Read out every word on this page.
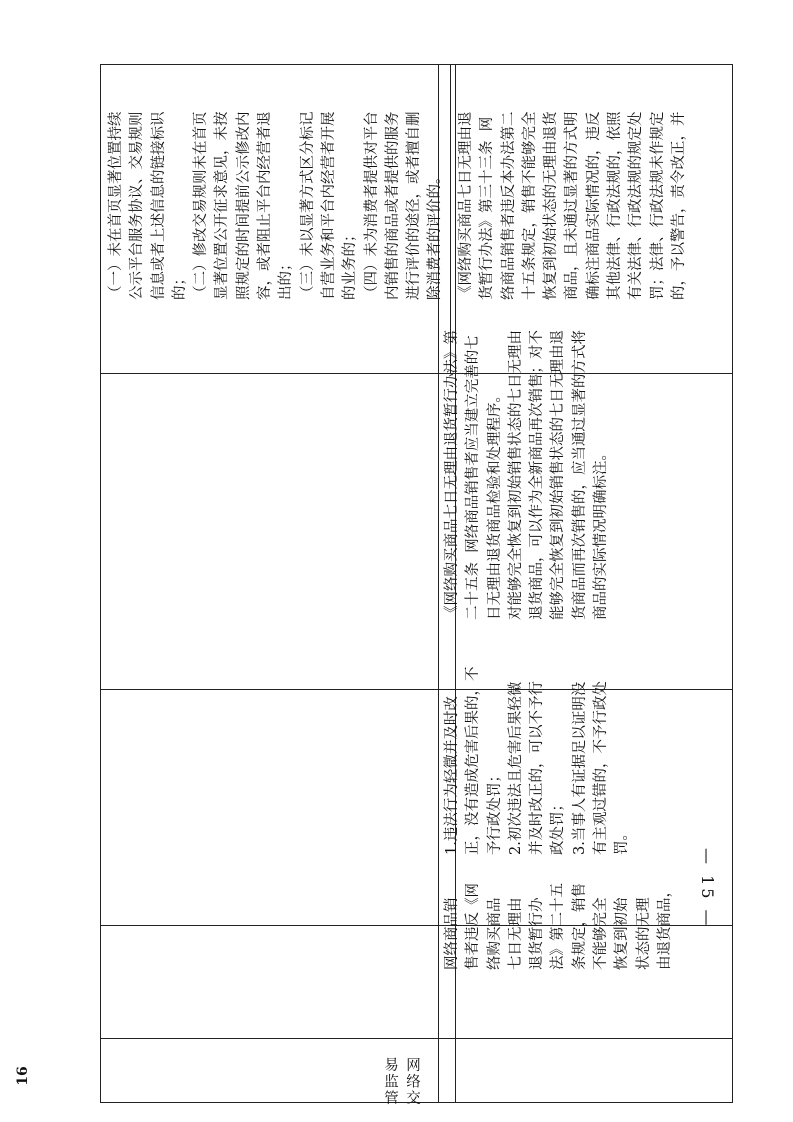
网络交易监管
16
网络商品销
售者违反《网
络购买商品
七日无理由
退货暂行办
法》第二十五
条规定，销售
不能够完全
恢复到初始
状态的无理
由退货商品，
1.违法行为轻微并及时改
正，没有造成危害后果的，不
予行政处罚；
2.初次违法且危害后果轻微
并及时改正的，可以不予行
政处罚；
3.当事人有证据足以证明没
有主观过错的，不予行政处
罚。
《网络购买商品七日无理由退货暂行办法》第
二十五条  网络商品销售者应当建立完善的七
日无理由退货商品检验和处理程序。
对能够完全恢复到初始销售状态的七日无理由
退货商品，可以作为全新商品再次销售；对不
能够完全恢复到初始销售状态的七日无理由退
货商品而再次销售的，应当通过显著的方式将
商品的实际情况明确标注。
（一）未在首页显著位置持续
公示平台服务协议、交易规则
信息或者上述信息的链接标识
的；
（二）修改交易规则未在首页
显著位置公开征求意见，未按
照规定的时间提前公示修改内
容，或者阻止平台内经营者退
出的；
（三）未以显著方式区分标记
自营业务和平台内经营者开展
的业务的；
（四）未为消费者提供对平台
内销售的商品或者提供的服务
进行评价的途径，或者擅自删
除消费者的评价的。 《网络购买商品七日无理由退
货暂行办法》第三十三条  网
络商品销售者违反本办法第二
十五条规定，销售不能够完全
恢复到初始状态的无理由退货
商品，且未通过显著的方式明
确标注商品实际情况的，违反
其他法律、行政法规的，依照
有关法律、行政法规的规定处
罚；法律、行政法规未作规定
的，予以警告，责令改正，并
— 15 —
